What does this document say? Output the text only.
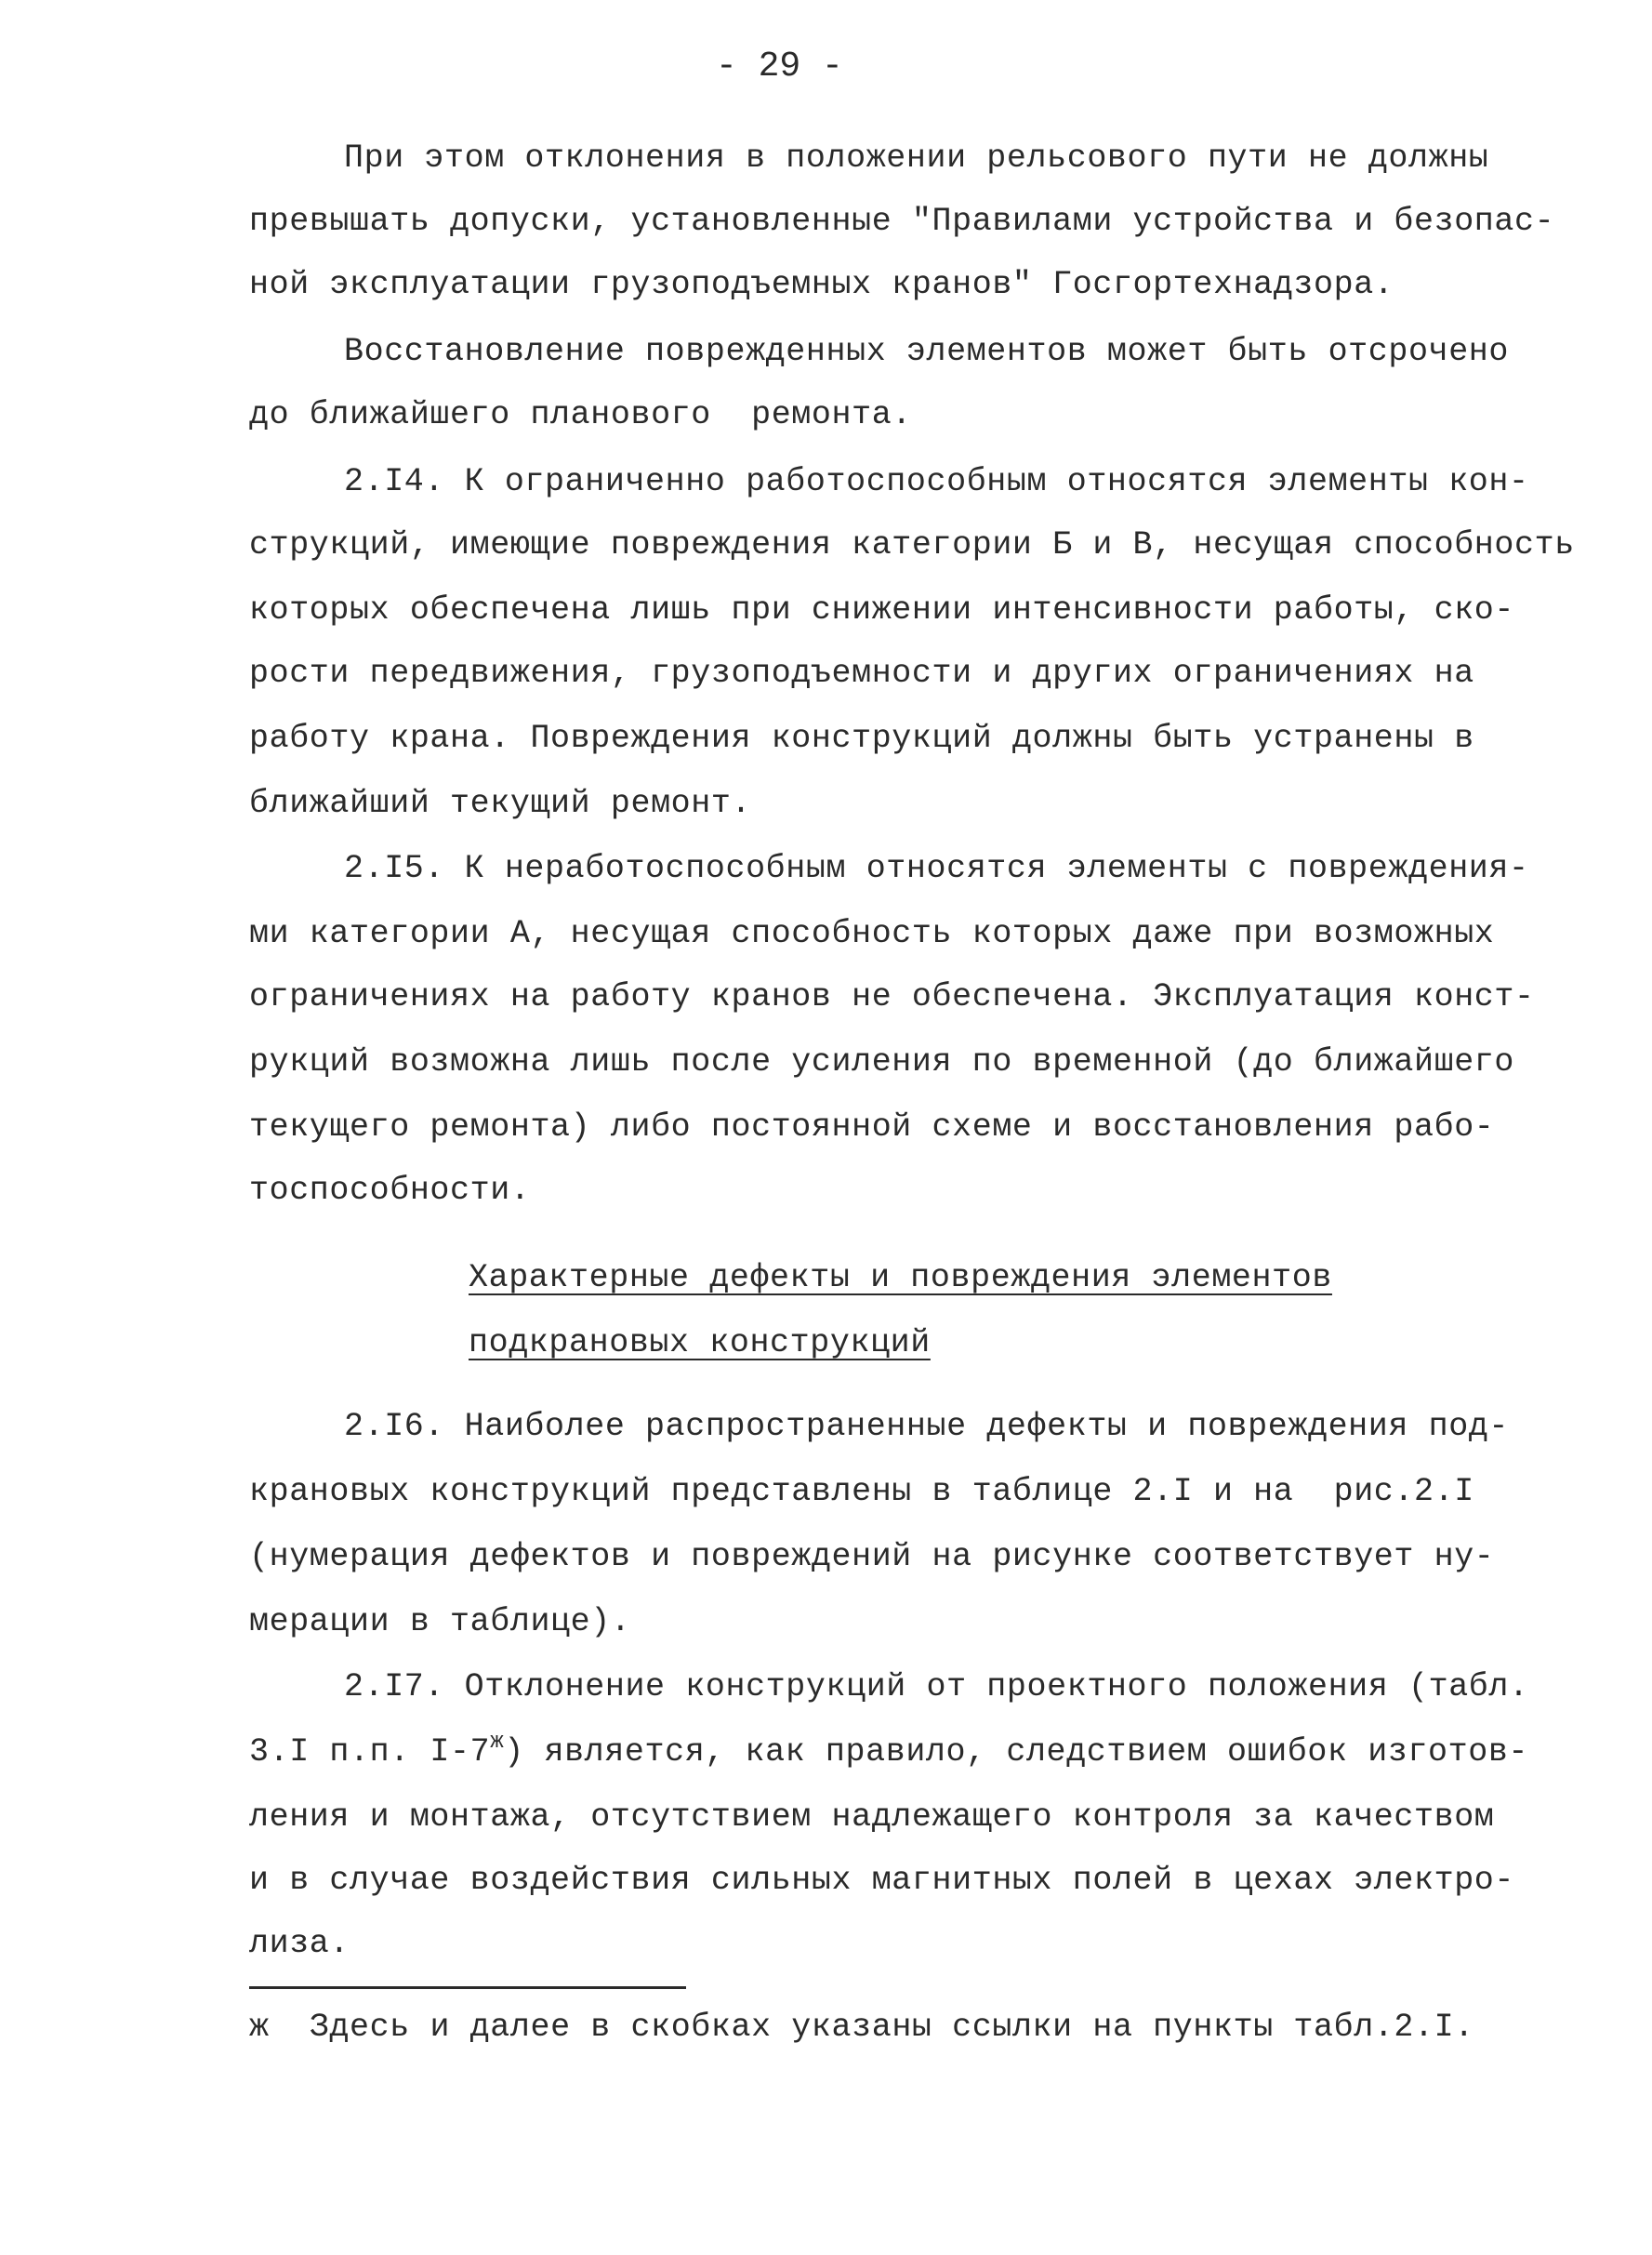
- 29 -
При этом отклонения в положении рельсового пути не должны
превышать допуски, установленные "Правилами устройства и безопас-
ной эксплуатации грузоподъемных кранов" Госгортехнадзора.
Восстановление поврежденных элементов может быть отсрочено
до ближайшего планового  ремонта.
2.I4. К ограниченно работоспособным относятся элементы кон-
струкций, имеющие повреждения категории Б и В, несущая способность
которых обеспечена лишь при снижении интенсивности работы, ско-
рости передвижения, грузоподъемности и других ограничениях на
работу крана. Повреждения конструкций должны быть устранены в
ближайший текущий ремонт.
2.I5. К неработоспособным относятся элементы с повреждения-
ми категории А, несущая способность которых даже при возможных
ограничениях на работу кранов не обеспечена. Эксплуатация конст-
рукций возможна лишь после усиления по временной (до ближайшего
текущего ремонта) либо постоянной схеме и восстановления рабо-
тоспособности.
Характерные дефекты и повреждения элементов
подкрановых конструкций
2.I6. Наиболее распространенные дефекты и повреждения под-
крановых конструкций представлены в таблице 2.I и на  рис.2.I
(нумерация дефектов и повреждений на рисунке соответствует ну-
мерации в таблице).
2.I7. Отклонение конструкций от проектного положения (табл.
3.I п.п. $I-7^ж$) является, как правило, следствием ошибок изготов-
ления и монтажа, отсутствием надлежащего контроля за качеством
и в случае воздействия сильных магнитных полей в цехах электро-
лиза.
ж Здесь и далее в скобках указаны ссылки на пункты табл.2.I.
